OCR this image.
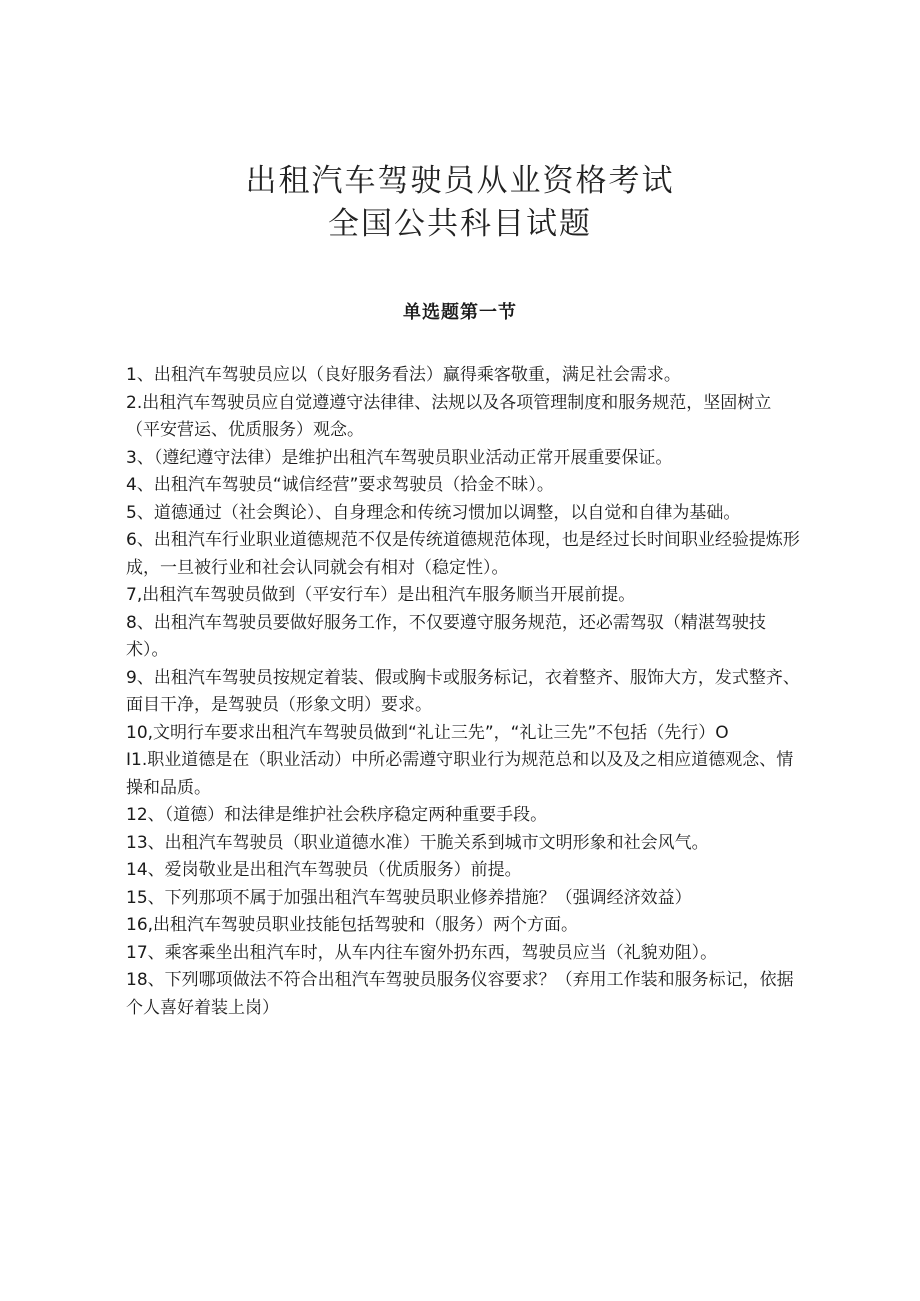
出租汽车驾驶员从业资格考试
全国公共科目试题
单选题第一节
1、出租汽车驾驶员应以（良好服务看法）赢得乘客敬重，满足社会需求。
2.出租汽车驾驶员应自觉遵遵守法律律、法规以及各项管理制度和服务规范，坚固树立（平安营运、优质服务）观念。
3、（遵纪遵守法律）是维护出租汽车驾驶员职业活动正常开展重要保证。
4、出租汽车驾驶员“诚信经营”要求驾驶员（拾金不昧）。
5、道德通过（社会舆论）、自身理念和传统习惯加以调整，以自觉和自律为基础。
6、出租汽车行业职业道德规范不仅是传统道德规范体现，也是经过长时间职业经验提炼形成，一旦被行业和社会认同就会有相对（稳定性）。
7,出租汽车驾驶员做到（平安行车）是出租汽车服务顺当开展前提。
8、出租汽车驾驶员要做好服务工作，不仅要遵守服务规范，还必需驾驭（精湛驾驶技术）。
9、出租汽车驾驶员按规定着装、假或胸卡或服务标记，衣着整齐、服饰大方，发式整齐、面目干净，是驾驶员（形象文明）要求。
10,文明行车要求出租汽车驾驶员做到“礼让三先”，“礼让三先”不包括（先行）O
I1.职业道德是在（职业活动）中所必需遵守职业行为规范总和以及及之相应道德观念、情操和品质。
12、（道德）和法律是维护社会秩序稳定两种重要手段。
13、出租汽车驾驶员（职业道德水准）干脆关系到城市文明形象和社会风气。
14、爱岗敬业是出租汽车驾驶员（优质服务）前提。
15、下列那项不属于加强出租汽车驾驶员职业修养措施？（强调经济效益）
16,出租汽车驾驶员职业技能包括驾驶和（服务）两个方面。
17、乘客乘坐出租汽车时，从车内往车窗外扔东西，驾驶员应当（礼貌劝阻）。
18、下列哪项做法不符合出租汽车驾驶员服务仪容要求？（弃用工作装和服务标记，依据个人喜好着装上岗）
